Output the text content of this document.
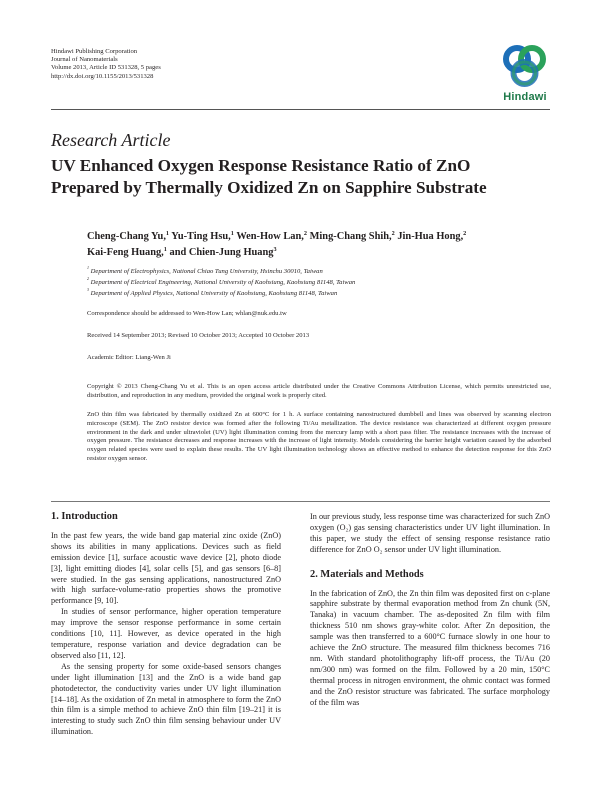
Hindawi Publishing Corporation
Journal of Nanomaterials
Volume 2013, Article ID 531328, 5 pages
http://dx.doi.org/10.1155/2013/531328
Hindawi
Research Article
UV Enhanced Oxygen Response Resistance Ratio of ZnO
Prepared by Thermally Oxidized Zn on Sapphire Substrate
Cheng-Chang Yu,$^1$ Yu-Ting Hsu,$^1$ Wen-How Lan,$^2$ Ming-Chang Shih,$^2$ Jin-Hua Hong,$^2$
Kai-Feng Huang,$^1$ and Chien-Jung Huang$^3$
$^1$ Department of Electrophysics, National Chiao Tung University, Hsinchu 30010, Taiwan
$^2$ Department of Electrical Engineering, National University of Kaohsiung, Kaohsiung 81148, Taiwan
$^3$ Department of Applied Physics, National University of Kaohsiung, Kaohsiung 81148, Taiwan
Correspondence should be addressed to Wen-How Lan; whlan@nuk.edu.tw
Received 14 September 2013; Revised 10 October 2013; Accepted 10 October 2013
Academic Editor: Liang-Wen Ji
Copyright © 2013 Cheng-Chang Yu et al. This is an open access article distributed under the Creative Commons Attribution License, which permits unrestricted use, distribution, and reproduction in any medium, provided the original work is properly cited.
ZnO thin film was fabricated by thermally oxidized Zn at 600°C for 1 h. A surface containing nanostructured dumbbell and lines was observed by scanning electron microscope (SEM). The ZnO resistor device was formed after the following Ti/Au metallization. The device resistance was characterized at different oxygen pressure environment in the dark and under ultraviolet (UV) light illumination coming from the mercury lamp with a short pass filter. The resistance increases with the increase of oxygen pressure. The resistance decreases and response increases with the increase of light intensity. Models considering the barrier height variation caused by the adsorbed oxygen related species were used to explain these results. The UV light illumination technology shows an effective method to enhance the detection response for this ZnO resistor oxygen sensor.
1. Introduction

In the past few years, the wide band gap material zinc oxide (ZnO) shows its abilities in many applications. Devices such as field emission device [1], surface acoustic wave device [2], photo diode [3], light emitting diodes [4], solar cells [5], and gas sensors [6–8] were studied. In the gas sensing applications, nanostructured ZnO with high surface-volume-ratio properties shows the promotive performance [9, 10].

In studies of sensor performance, higher operation temperature may improve the sensor response performance in some certain conditions [10, 11]. However, as device operated in the high temperature, response variation and device degradation can be observed also [11, 12].

As the sensing property for some oxide-based sensors changes under light illumination [13] and the ZnO is a wide band gap photodetector, the conductivity varies under UV light illumination [14–18]. As the oxidation of Zn metal in atmosphere to form the ZnO thin film is a simple method to achieve ZnO thin film [19–21] it is interesting to study such ZnO thin film sensing behaviour under UV illumination.

In our previous study, less response time was characterized for such ZnO oxygen (O₂) gas sensing characteristics under UV light illumination. In this paper, we study the effect of sensing response resistance ratio difference for ZnO O₂ sensor under UV light illumination.

2. Materials and Methods

In the fabrication of ZnO, the Zn thin film was deposited first on c-plane sapphire substrate by thermal evaporation method from Zn chunk (5N, Tanaka) in vacuum chamber. The as-deposited Zn film with film thickness 510 nm shows gray-white color. After Zn deposition, the sample was then transferred to a 600°C furnace slowly in one hour to achieve the ZnO structure. The measured film thickness becomes 716 nm. With standard photolithography lift-off process, the Ti/Au (20 nm/300 nm) was formed on the film. Followed by a 20 min, 150°C thermal process in nitrogen environment, the ohmic contact was formed and the ZnO resistor structure was fabricated. The surface morphology of the film was
